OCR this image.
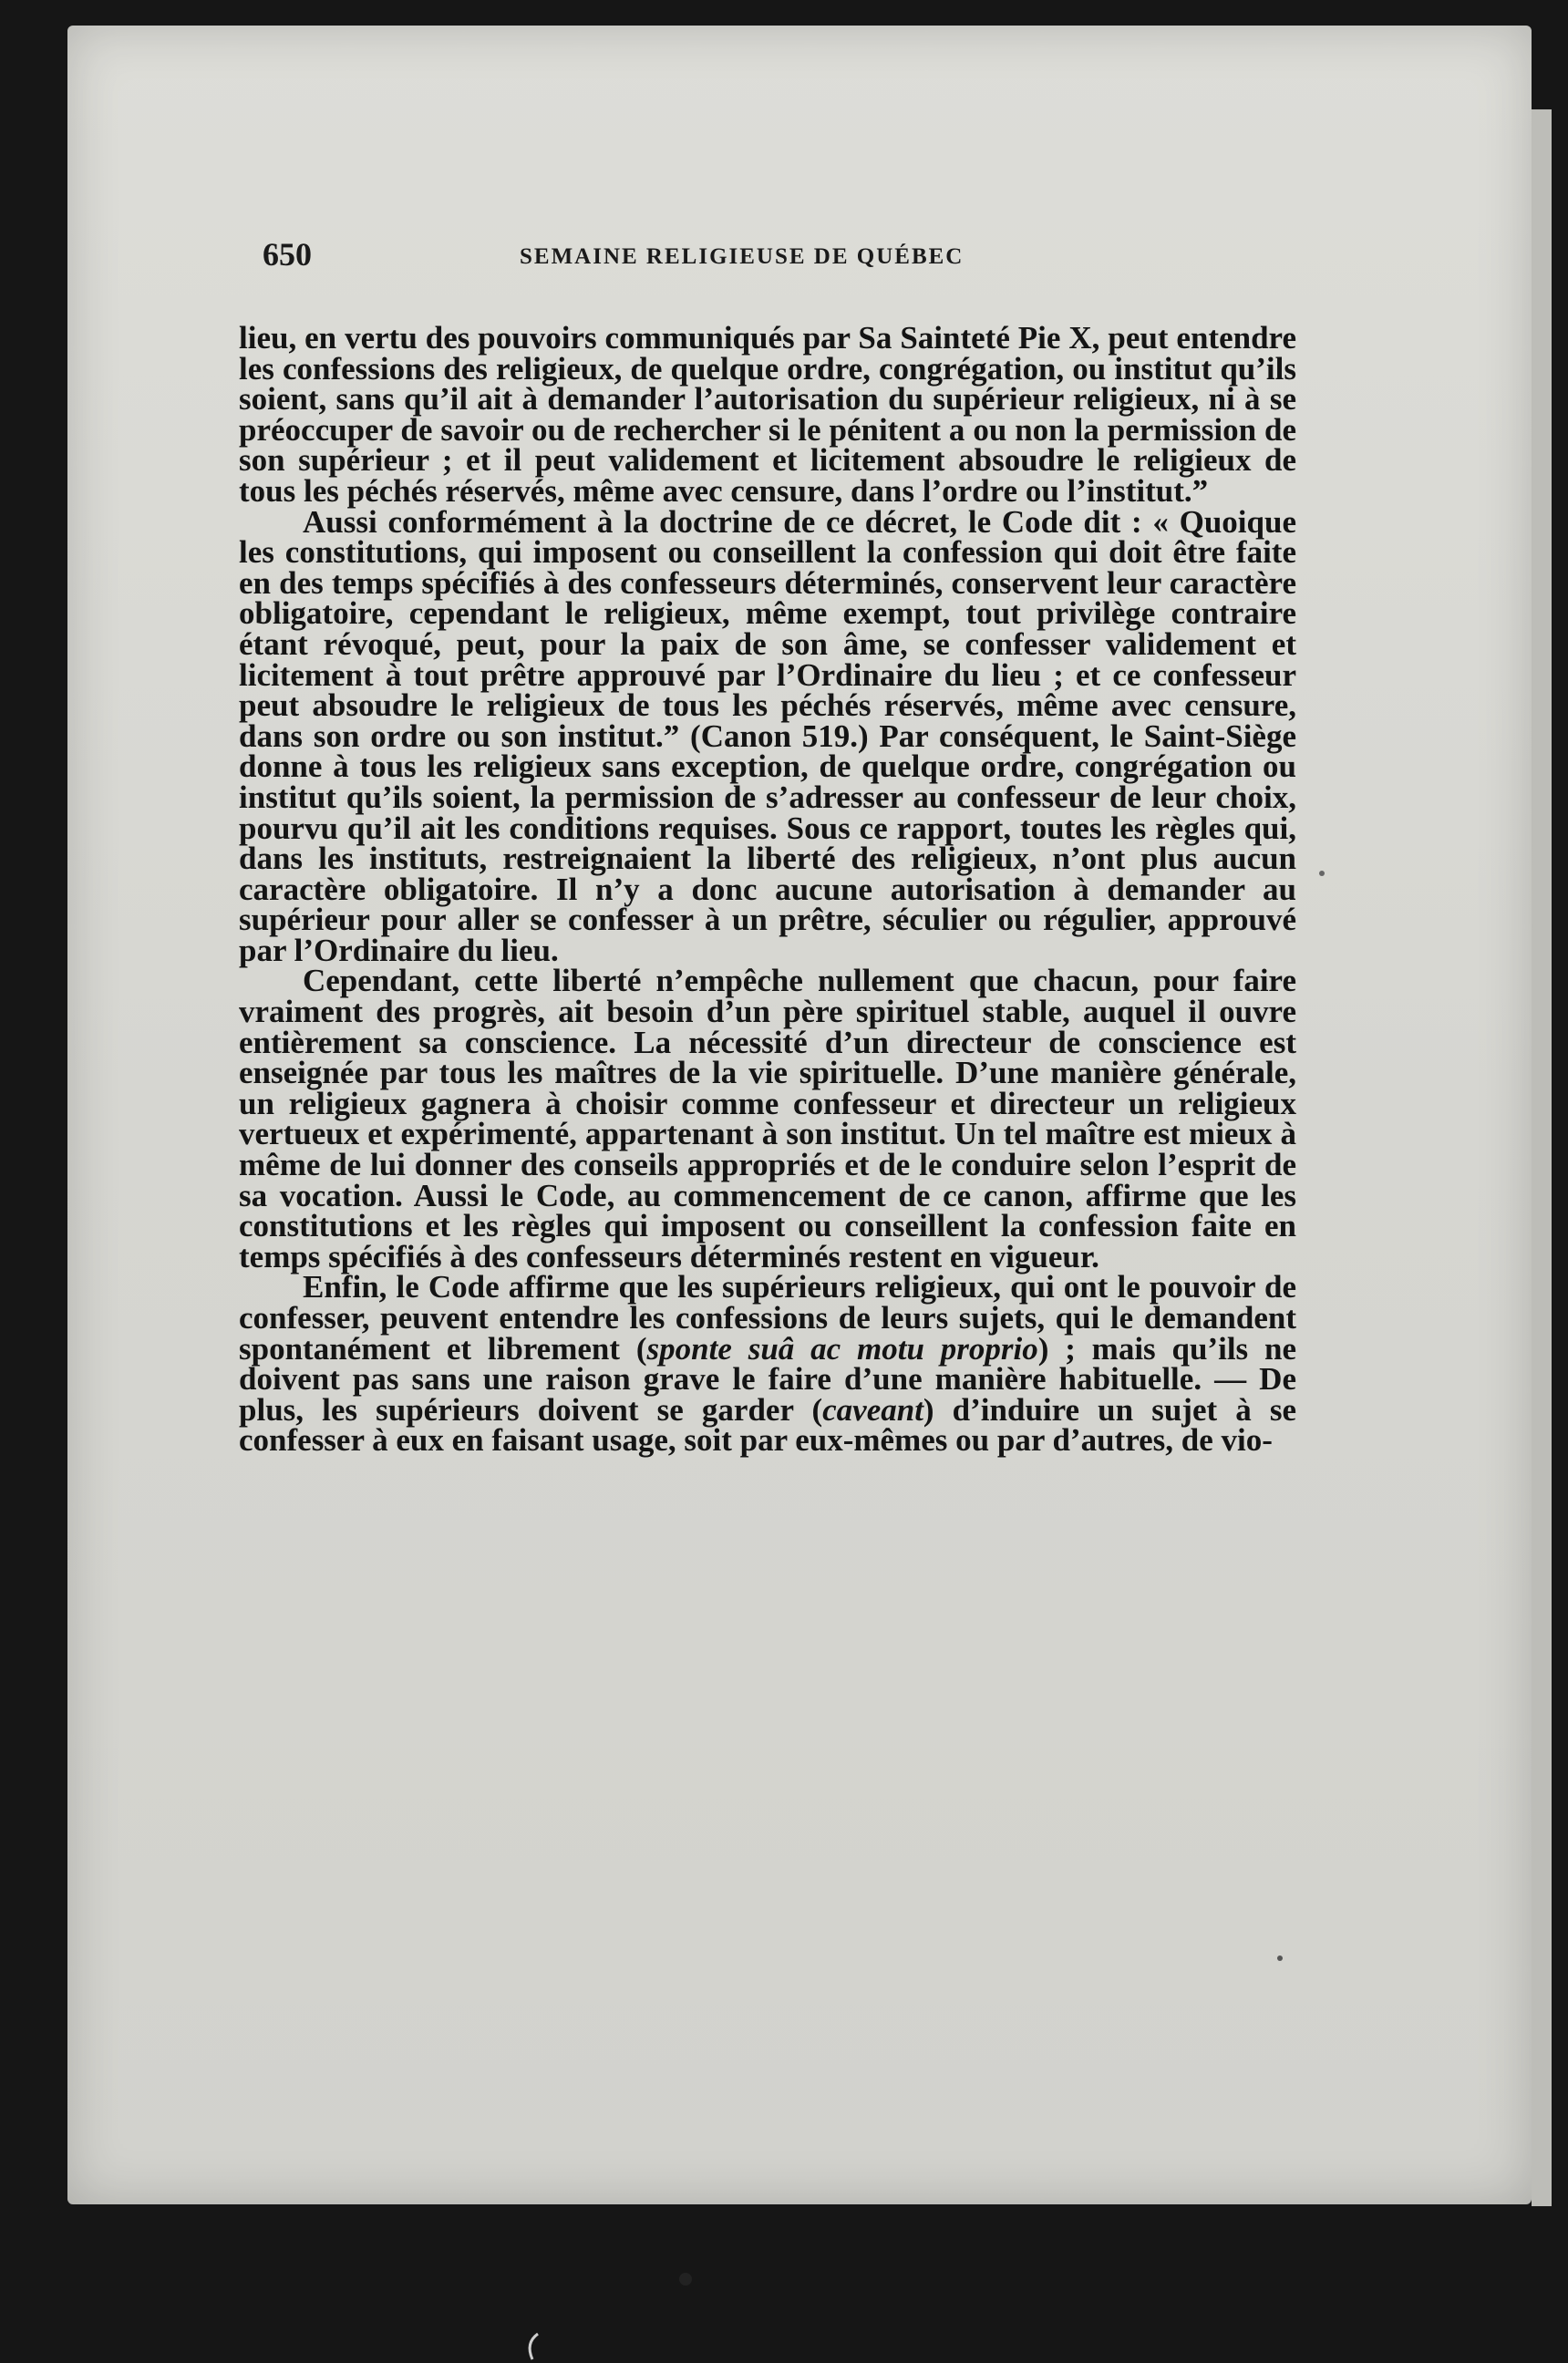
650	SEMAINE RELIGIEUSE DE QUÉBEC

lieu, en vertu des pouvoirs communiqués par Sa Sainteté Pie X, peut entendre les confessions des religieux, de quelque ordre, congrégation, ou institut qu’ils soient, sans qu’il ait à demander l’autorisation du supérieur religieux, ni à se préoccuper de savoir ou de rechercher si le pénitent a ou non la permission de son supérieur ; et il peut validement et licitement absoudre le religieux de tous les péchés réservés, même avec censure, dans l’ordre ou l’institut.”

Aussi conformément à la doctrine de ce décret, le Code dit : « Quoique les constitutions, qui imposent ou conseillent la confession qui doit être faite en des temps spécifiés à des confesseurs déterminés, conservent leur caractère obligatoire, cependant le religieux, même exempt, tout privilège contraire étant révoqué, peut, pour la paix de son âme, se confesser validement et licitement à tout prêtre approuvé par l’Ordinaire du lieu ; et ce confesseur peut absoudre le religieux de tous les péchés réservés, même avec censure, dans son ordre ou son institut.” (Canon 519.) Par conséquent, le Saint-Siège donne à tous les religieux sans exception, de quelque ordre, congrégation ou institut qu’ils soient, la permission de s’adresser au confesseur de leur choix, pourvu qu’il ait les conditions requises. Sous ce rapport, toutes les règles qui, dans les instituts, restreignaient la liberté des religieux, n’ont plus aucun caractère obligatoire. Il n’y a donc aucune autorisation à demander au supérieur pour aller se confesser à un prêtre, séculier ou régulier, approuvé par l’Ordinaire du lieu.

Cependant, cette liberté n’empêche nullement que chacun, pour faire vraiment des progrès, ait besoin d’un père spirituel stable, auquel il ouvre entièrement sa conscience. La nécessité d’un directeur de conscience est enseignée par tous les maîtres de la vie spirituelle. D’une manière générale, un religieux gagnera à choisir comme confesseur et directeur un religieux vertueux et expérimenté, appartenant à son institut. Un tel maître est mieux à même de lui donner des conseils appropriés et de le conduire selon l’esprit de sa vocation. Aussi le Code, au commencement de ce canon, affirme que les constitutions et les règles qui imposent ou conseillent la confession faite en temps spécifiés à des confesseurs déterminés restent en vigueur.

Enfin, le Code affirme que les supérieurs religieux, qui ont le pouvoir de confesser, peuvent entendre les confessions de leurs sujets, qui le demandent spontanément et librement (sponte suâ ac motu proprio) ; mais qu’ils ne doivent pas sans une raison grave le faire d’une manière habituelle. — De plus, les supérieurs doivent se garder (caveant) d’induire un sujet à se confesser à eux en faisant usage, soit par eux-mêmes ou par d’autres, de vio-
